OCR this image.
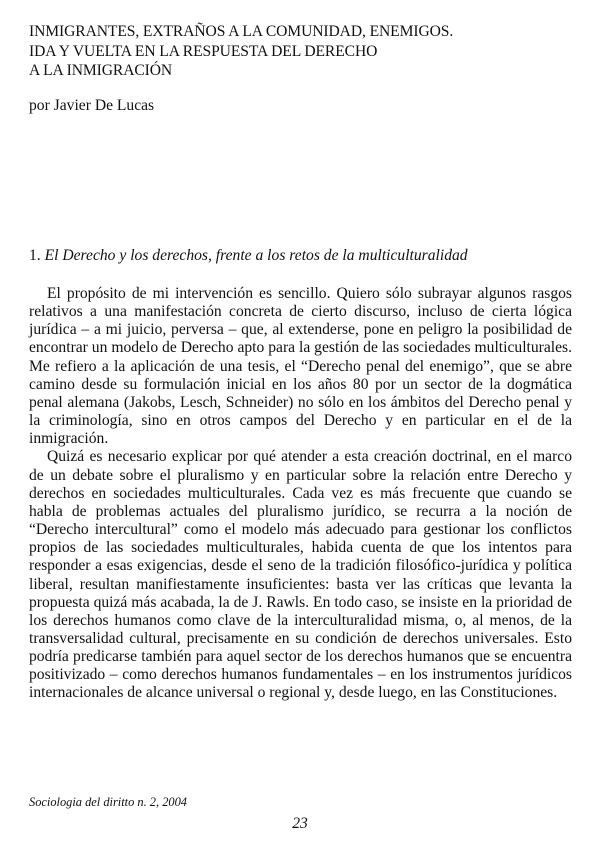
INMIGRANTES, EXTRAÑOS A LA COMUNIDAD, ENEMIGOS.
IDA Y VUELTA EN LA RESPUESTA DEL DERECHO
A LA INMIGRACIÓN
por Javier De Lucas
1. El Derecho y los derechos, frente a los retos de la multiculturalidad

El propósito de mi intervención es sencillo. Quiero sólo subrayar algunos rasgos relativos a una manifestación concreta de cierto discurso, incluso de cierta lógica jurídica – a mi juicio, perversa – que, al extenderse, pone en peligro la posibilidad de encontrar un modelo de Derecho apto para la gestión de las sociedades multiculturales. Me refiero a la aplicación de una tesis, el “Derecho penal del enemigo”, que se abre camino desde su formulación inicial en los años 80 por un sector de la dogmática penal alemana (Jakobs, Lesch, Schneider) no sólo en los ámbitos del Derecho penal y la criminología, sino en otros campos del Derecho y en particular en el de la inmigración.

Quizá es necesario explicar por qué atender a esta creación doctrinal, en el marco de un debate sobre el pluralismo y en particular sobre la relación entre Derecho y derechos en sociedades multiculturales. Cada vez es más frecuente que cuando se habla de problemas actuales del pluralismo jurídico, se recurra a la noción de “Derecho intercultural” como el modelo más adecuado para gestionar los conflictos propios de las sociedades multiculturales, habida cuenta de que los intentos para responder a esas exigencias, desde el seno de la tradición filosófico-jurídica y política liberal, resultan manifiestamente insuficientes: basta ver las críticas que levanta la propuesta quizá más acabada, la de J. Rawls. En todo caso, se insiste en la prioridad de los derechos humanos como clave de la interculturalidad misma, o, al menos, de la transversalidad cultural, precisamente en su condición de derechos universales. Esto podría predicarse también para aquel sector de los derechos humanos que se encuentra positivizado – como derechos humanos fundamentales – en los instrumentos jurídicos internacionales de alcance universal o regional y, desde luego, en las Constituciones.

Sociologia del diritto n. 2, 2004
23
